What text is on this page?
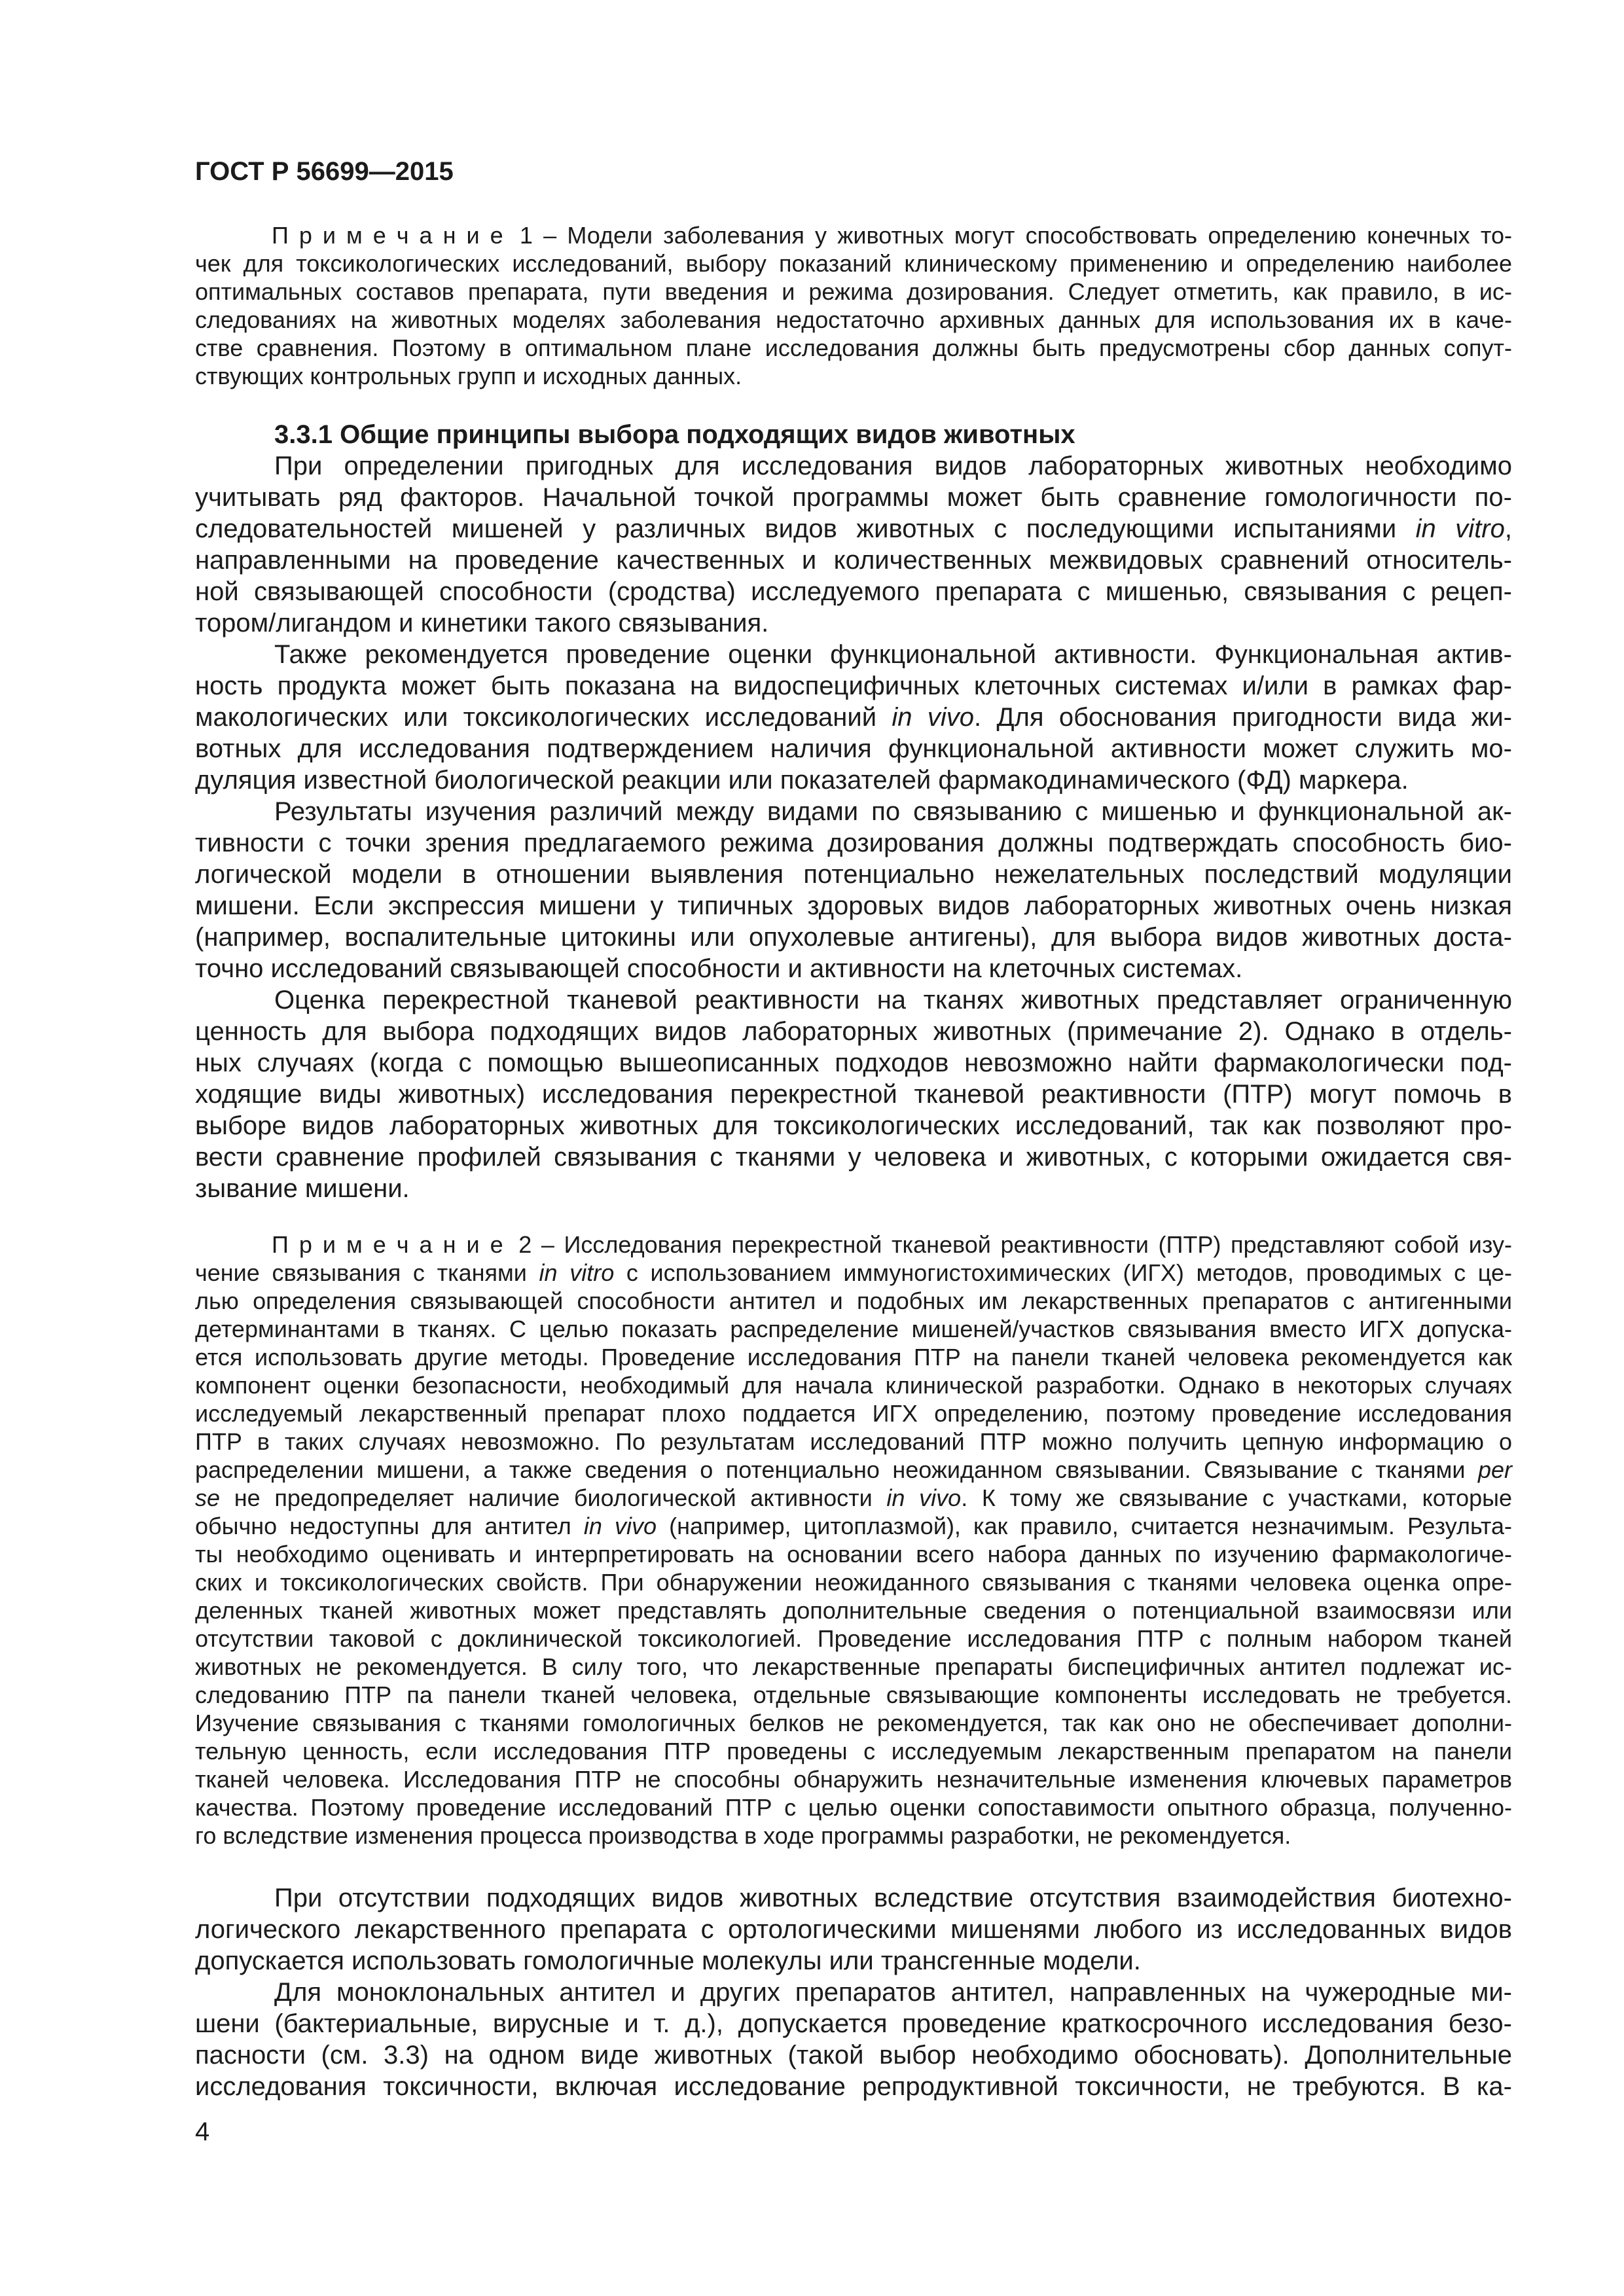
ГОСТ Р 56699—2015
П р и м е ч а н и е 1 – Модели заболевания у животных могут способствовать определению конечных то-
чек для токсикологических исследований, выбору показаний клиническому применению и определению наиболее
оптимальных составов препарата, пути введения и режима дозирования. Следует отметить, как правило, в ис-
следованиях на животных моделях заболевания недостаточно архивных данных для использования их в каче-
стве сравнения. Поэтому в оптимальном плане исследования должны быть предусмотрены сбор данных сопут-
ствующих контрольных групп и исходных данных.
3.3.1 Общие принципы выбора подходящих видов животных
При определении пригодных для исследования видов лабораторных животных необходимо
учитывать ряд факторов. Начальной точкой программы может быть сравнение гомологичности по-
следовательностей мишеней у различных видов животных с последующими испытаниями in vitro,
направленными на проведение качественных и количественных межвидовых сравнений относитель-
ной связывающей способности (сродства) исследуемого препарата с мишенью, связывания с рецеп-
тором/лигандом и кинетики такого связывания.
Также рекомендуется проведение оценки функциональной активности. Функциональная актив-
ность продукта может быть показана на видоспецифичных клеточных системах и/или в рамках фар-
макологических или токсикологических исследований in vivo. Для обоснования пригодности вида жи-
вотных для исследования подтверждением наличия функциональной активности может служить мо-
дуляция известной биологической реакции или показателей фармакодинамического (ФД) маркера.
Результаты изучения различий между видами по связыванию с мишенью и функциональной ак-
тивности с точки зрения предлагаемого режима дозирования должны подтверждать способность био-
логической модели в отношении выявления потенциально нежелательных последствий модуляции
мишени. Если экспрессия мишени у типичных здоровых видов лабораторных животных очень низкая
(например, воспалительные цитокины или опухолевые антигены), для выбора видов животных доста-
точно исследований связывающей способности и активности на клеточных системах.
Оценка перекрестной тканевой реактивности на тканях животных представляет ограниченную
ценность для выбора подходящих видов лабораторных животных (примечание 2). Однако в отдель-
ных случаях (когда с помощью вышеописанных подходов невозможно найти фармакологически под-
ходящие виды животных) исследования перекрестной тканевой реактивности (ПТР) могут помочь в
выборе видов лабораторных животных для токсикологических исследований, так как позволяют про-
вести сравнение профилей связывания с тканями у человека и животных, с которыми ожидается свя-
зывание мишени.
П р и м е ч а н и е 2 – Исследования перекрестной тканевой реактивности (ПТР) представляют собой изу-
чение связывания с тканями in vitro с использованием иммуногистохимических (ИГХ) методов, проводимых с це-
лью определения связывающей способности антител и подобных им лекарственных препаратов с антигенными
детерминантами в тканях. С целью показать распределение мишеней/участков связывания вместо ИГХ допуска-
ется использовать другие методы. Проведение исследования ПТР на панели тканей человека рекомендуется как
компонент оценки безопасности, необходимый для начала клинической разработки. Однако в некоторых случаях
исследуемый лекарственный препарат плохо поддается ИГХ определению, поэтому проведение исследования
ПТР в таких случаях невозможно. По результатам исследований ПТР можно получить цепную информацию о
распределении мишени, а также сведения о потенциально неожиданном связывании. Связывание с тканями per
se не предопределяет наличие биологической активности in vivo. К тому же связывание с участками, которые
обычно недоступны для антител in vivo (например, цитоплазмой), как правило, считается незначимым. Результа-
ты необходимо оценивать и интерпретировать на основании всего набора данных по изучению фармакологиче-
ских и токсикологических свойств. При обнаружении неожиданного связывания с тканями человека оценка опре-
деленных тканей животных может представлять дополнительные сведения о потенциальной взаимосвязи или
отсутствии таковой с доклинической токсикологией. Проведение исследования ПТР с полным набором тканей
животных не рекомендуется. В силу того, что лекарственные препараты биспецифичных антител подлежат ис-
следованию ПТР па панели тканей человека, отдельные связывающие компоненты исследовать не требуется.
Изучение связывания с тканями гомологичных белков не рекомендуется, так как оно не обеспечивает дополни-
тельную ценность, если исследования ПТР проведены с исследуемым лекарственным препаратом на панели
тканей человека. Исследования ПТР не способны обнаружить незначительные изменения ключевых параметров
качества. Поэтому проведение исследований ПТР с целью оценки сопоставимости опытного образца, полученно-
го вследствие изменения процесса производства в ходе программы разработки, не рекомендуется.
При отсутствии подходящих видов животных вследствие отсутствия взаимодействия биотехно-
логического лекарственного препарата с ортологическими мишенями любого из исследованных видов
допускается использовать гомологичные молекулы или трансгенные модели.
Для моноклональных антител и других препаратов антител, направленных на чужеродные ми-
шени (бактериальные, вирусные и т. д.), допускается проведение краткосрочного исследования безо-
пасности (см. 3.3) на одном виде животных (такой выбор необходимо обосновать). Дополнительные
исследования токсичности, включая исследование репродуктивной токсичности, не требуются. В ка-
4
